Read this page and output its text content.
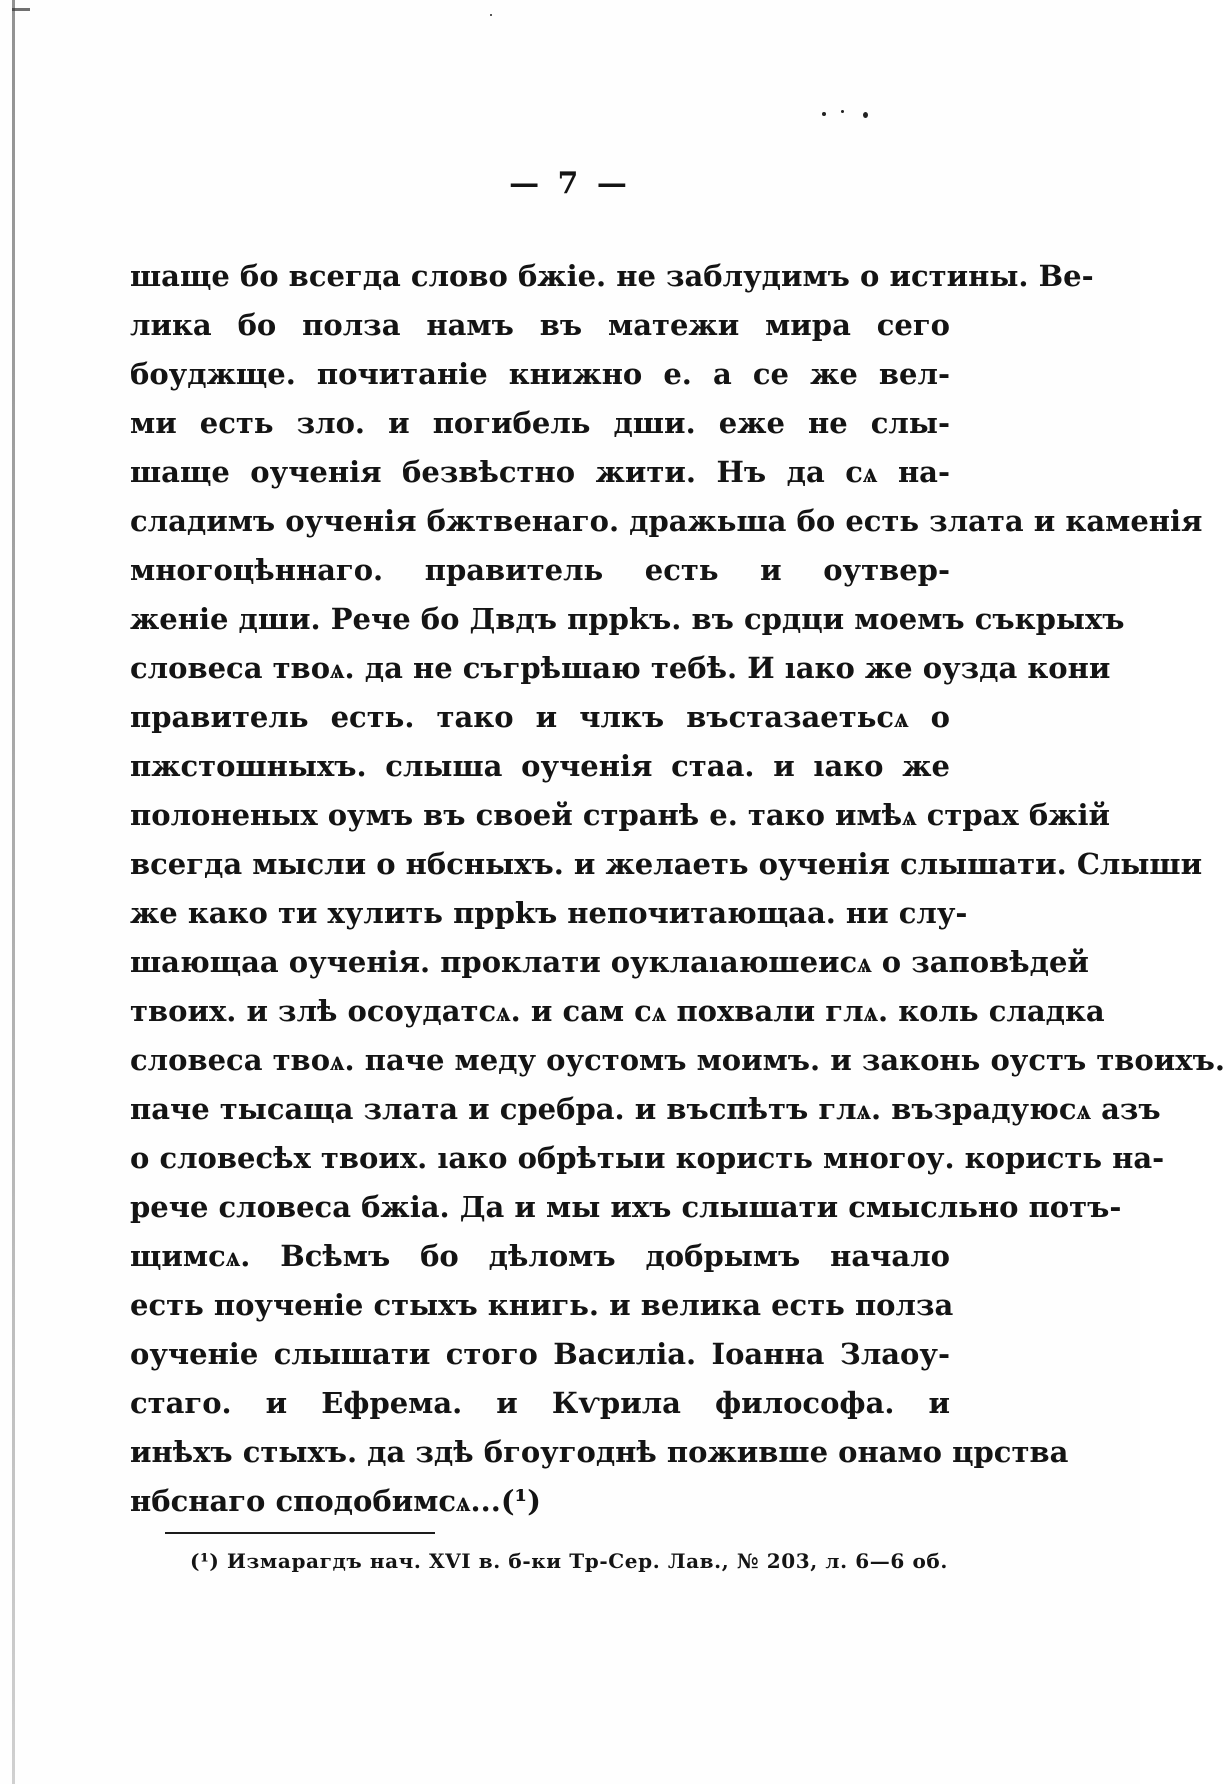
— 7 —
шаще бо всегда слово бжіе. не заблудимъ о истины. Ве-
лика бо полза намъ въ матежи мира сего
боуджще. почитаніе книжно е. а се же вел-
ми есть зло. и погибель дши. еже не слы-
шаще оученія безвѣстно жити. Нъ да сѧ на-
сладимъ оученія бжтвенаго. дражьша бо есть злата и каменія
многоцѣннаго. правитель есть и оутвер-
женіе дши. Рече бо Двдъ пррkъ. въ срдци моемъ съкрыхъ
словеса твоѧ. да не съгрѣшаю тебѣ. И ıако же оузда кони
правитель есть. тако и члкъ въстазаетьсѧ о
пжстошныхъ. слыша оученія стаа. и ıако же
полоненых оумъ въ своей странѣ е. тако имѣѧ страх бжій
всегда мысли о нбсныхъ. и желаеть оученія слышати. Слыши
же како ти хулить пррkъ непочитающаа. ни слу-
шающаа оученія. проклати оуклаıаюшеисѧ о заповѣдей
твоих. и злѣ осоудатсѧ. и сам сѧ похвали глѧ. коль сладка
словеса твоѧ. паче меду оустомъ моимъ. и законь оустъ твоихъ.
паче тысаща злата и сребра. и въспѣтъ глѧ. възрадуюсѧ азъ
о словесѣх твоих. ıако обрѣтыи користь многоу. користь на-
рече словеса бжіа. Да и мы ихъ слышати смысльно потъ-
щимсѧ. Всѣмъ бо дѣломъ добрымъ начало
есть поученіе стыхъ книгь. и велика есть полза
оученіе слышати стого Василіа. Іоанна Злаоу-
стаго. и Ефрема. и Кѵрила философа. и
инѣхъ стыхъ. да здѣ бгоугоднѣ поживше онамо црства
нбснаго сподобимсѧ...(¹)
(¹) Измарагдъ нач. XVI в. б-ки Тр-Сер. Лав., № 203, л. 6—6 об.
